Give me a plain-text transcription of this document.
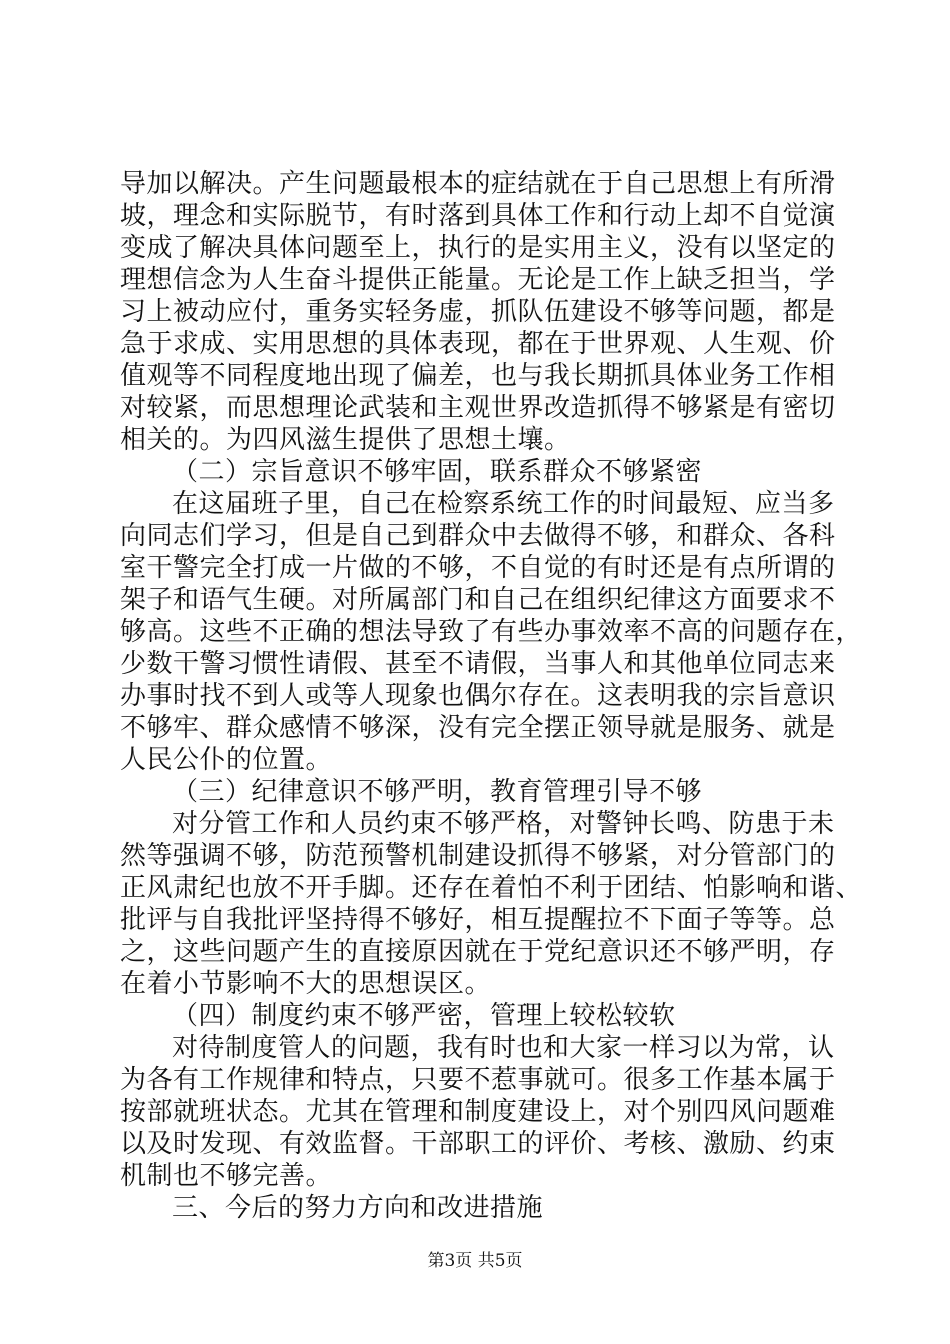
导加以解决。产生问题最根本的症结就在于自己思想上有所滑
坡，理念和实际脱节，有时落到具体工作和行动上却不自觉演
变成了解决具体问题至上，执行的是实用主义，没有以坚定的
理想信念为人生奋斗提供正能量。无论是工作上缺乏担当，学
习上被动应付，重务实轻务虚，抓队伍建设不够等问题，都是
急于求成、实用思想的具体表现，都在于世界观、人生观、价
值观等不同程度地出现了偏差，也与我长期抓具体业务工作相
对较紧，而思想理论武装和主观世界改造抓得不够紧是有密切
相关的。为四风滋生提供了思想土壤。
（二）宗旨意识不够牢固，联系群众不够紧密
在这届班子里，自己在检察系统工作的时间最短、应当多
向同志们学习，但是自己到群众中去做得不够，和群众、各科
室干警完全打成一片做的不够，不自觉的有时还是有点所谓的
架子和语气生硬。对所属部门和自己在组织纪律这方面要求不
够高。这些不正确的想法导致了有些办事效率不高的问题存在，
少数干警习惯性请假、甚至不请假，当事人和其他单位同志来
办事时找不到人或等人现象也偶尔存在。这表明我的宗旨意识
不够牢、群众感情不够深，没有完全摆正领导就是服务、就是
人民公仆的位置。
（三）纪律意识不够严明，教育管理引导不够
对分管工作和人员约束不够严格，对警钟长鸣、防患于未
然等强调不够，防范预警机制建设抓得不够紧，对分管部门的
正风肃纪也放不开手脚。还存在着怕不利于团结、怕影响和谐、
批评与自我批评坚持得不够好，相互提醒拉不下面子等等。总
之，这些问题产生的直接原因就在于党纪意识还不够严明，存
在着小节影响不大的思想误区。
（四）制度约束不够严密，管理上较松较软
对待制度管人的问题，我有时也和大家一样习以为常，认
为各有工作规律和特点，只要不惹事就可。很多工作基本属于
按部就班状态。尤其在管理和制度建设上，对个别四风问题难
以及时发现、有效监督。干部职工的评价、考核、激励、约束
机制也不够完善。
三、今后的努力方向和改进措施
第3页 共5页
